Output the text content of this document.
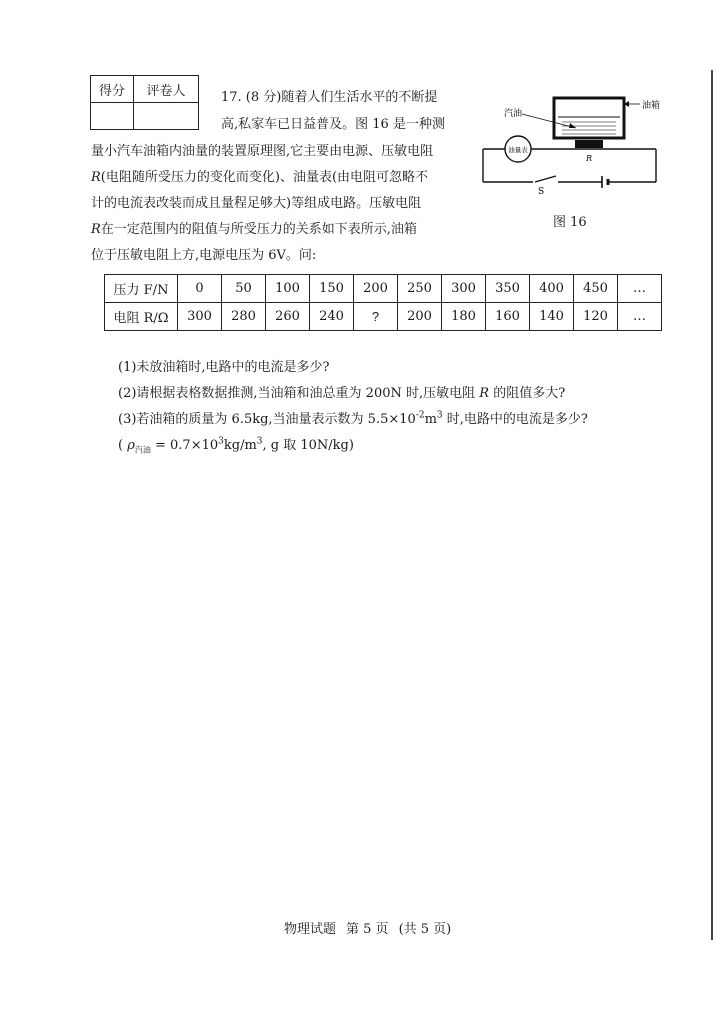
得分	评卷人
		17. (8 分)随着人们生活水平的不断提
高,私家车已日益普及。图 16 是一种测
量小汽车油箱内油量的装置原理图,它主要由电源、压敏电阻
R(电阻随所受压力的变化而变化)、油量表(由电阻可忽略不
计的电流表改装而成且量程足够大)等组成电路。压敏电阻
R在一定范围内的阻值与所受压力的关系如下表所示,油箱
位于压敏电阻上方,电源电压为 6V。问:
油量表
汽油
油箱
R
S
图 16
压力 F/N	0	50	100	150	200	250	300	350	400	450	…
电阻 R/Ω	300	280	260	240	?	200	180	160	140	120	…
(1)未放油箱时,电路中的电流是多少?
(2)请根据表格数据推测,当油箱和油总重为 200N 时,压敏电阻 R 的阻值多大?
(3)若油箱的质量为 6.5kg,当油量表示数为 $5.5\times 10^{-2}m^3$ 时,电路中的电流是多少?
( $\rho_{汽油} = 0.7\times 10^3kg/m^3$, g 取 10N/kg)
物理试题 第 5 页 (共 5 页)
